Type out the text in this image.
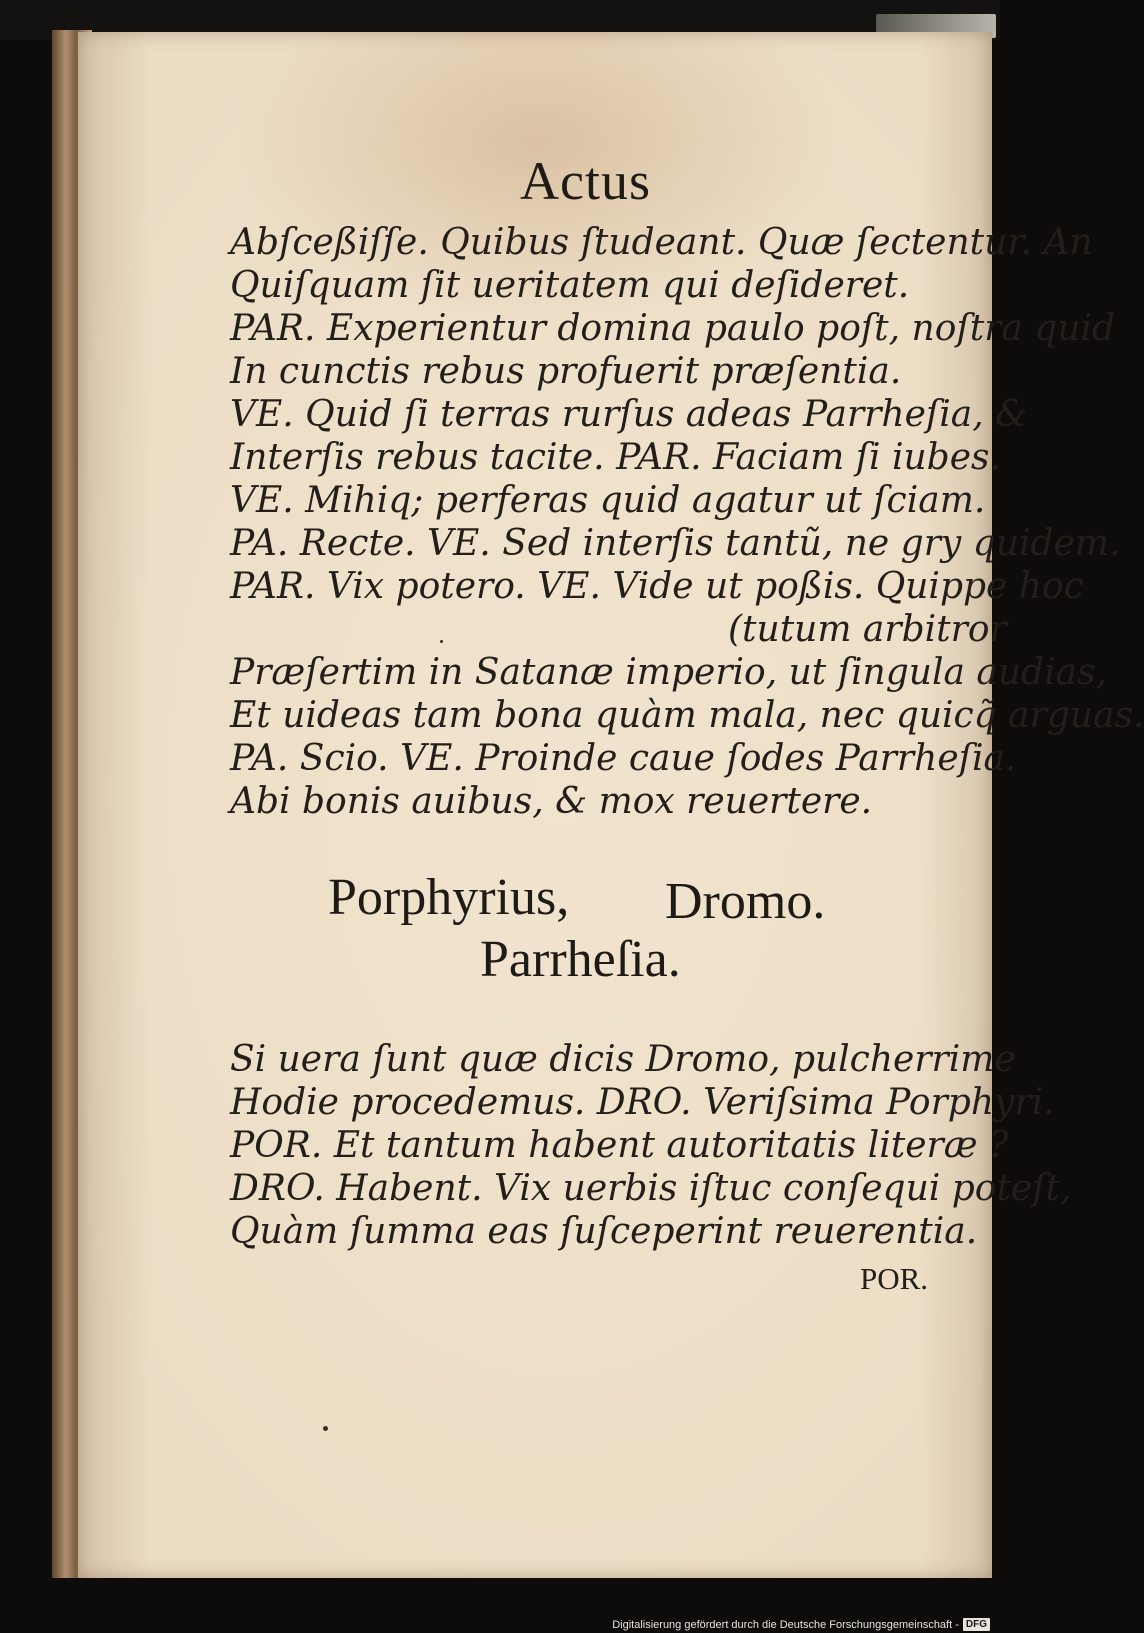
Actus
Abſceßiſſe. Quibus ſtudeant. Quæ ſectentur. An
Quiſquam ſit ueritatem qui deſideret.
PAR. Experientur domina paulo poſt, noſtra quid
In cunctis rebus profuerit præſentia.
VE. Quid ſi terras rurſus adeas Parrheſia, &
Interſis rebus tacite. PAR. Faciam ſi iubes.
VE. Mihiq; perferas quid agatur ut ſciam.
PA. Recte. VE. Sed interſis tantũ, ne gry quidem.
PAR. Vix potero. VE. Vide ut poßis. Quippe hoc
(tutum arbitror
Præſertim in Satanæ imperio, ut ſingula audias,
Et uideas tam bona quàm mala, nec quicq̃ arguas.
PA. Scio. VE. Proinde caue ſodes Parrheſia.
Abi bonis auibus, & mox reuertere.
Porphyrius, Dromo.
Parrheſia.
Si uera ſunt quæ dicis Dromo, pulcherrime
Hodie procedemus. DRO. Veriſsima Porphyri.
POR. Et tantum habent autoritatis literæ ?
DRO. Habent. Vix uerbis iſtuc conſequi poteſt,
Quàm ſumma eas ſuſceperint reuerentia.
POR.
Digitalisierung gefördert durch die Deutsche Forschungsgemeinschaft - DFG
